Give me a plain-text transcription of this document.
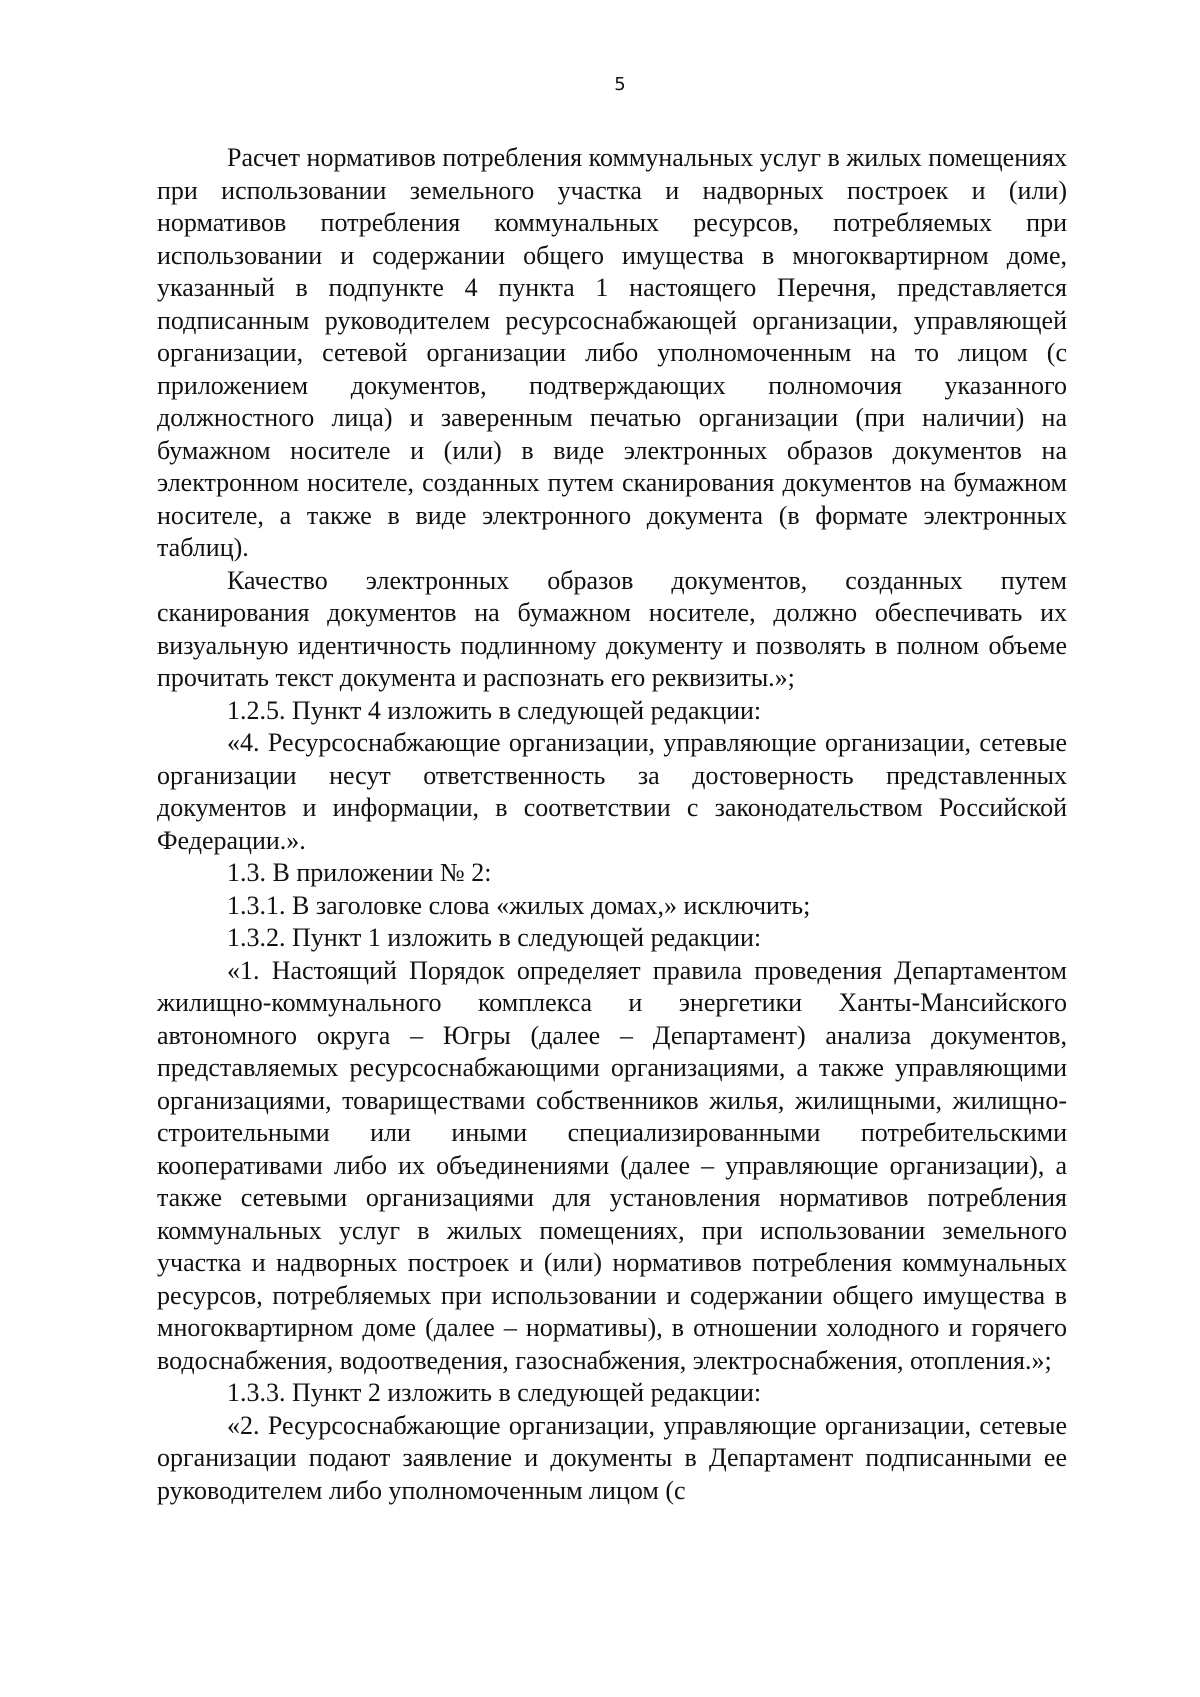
5

Расчет нормативов потребления коммунальных услуг в жилых помещениях при использовании земельного участка и надворных построек и (или) нормативов потребления коммунальных ресурсов, потребляемых при использовании и содержании общего имущества в многоквартирном доме, указанный в подпункте 4 пункта 1 настоящего Перечня, представляется подписанным руководителем ресурсоснабжающей организации, управляющей организации, сетевой организации либо уполномоченным на то лицом (с приложением документов, подтверждающих полномочия указанного должностного лица) и заверенным печатью организации (при наличии) на бумажном носителе и (или) в виде электронных образов документов на электронном носителе, созданных путем сканирования документов на бумажном носителе, а также в виде электронного документа (в формате электронных таблиц).

Качество электронных образов документов, созданных путем сканирования документов на бумажном носителе, должно обеспечивать их визуальную идентичность подлинному документу и позволять в полном объеме прочитать текст документа и распознать его реквизиты.»;

1.2.5. Пункт 4 изложить в следующей редакции:

«4. Ресурсоснабжающие организации, управляющие организации, сетевые организации несут ответственность за достоверность представленных документов и информации, в соответствии с законодательством Российской Федерации.».

1.3. В приложении № 2:

1.3.1. В заголовке слова «жилых домах,» исключить;

1.3.2. Пункт 1 изложить в следующей редакции:

«1. Настоящий Порядок определяет правила проведения Департаментом жилищно-коммунального комплекса и энергетики Ханты-Мансийского автономного округа – Югры (далее – Департамент) анализа документов, представляемых ресурсоснабжающими организациями, а также управляющими организациями, товариществами собственников жилья, жилищными, жилищно-строительными или иными специализированными потребительскими кооперативами либо их объединениями (далее – управляющие организации), а также сетевыми организациями для установления нормативов потребления коммунальных услуг в жилых помещениях, при использовании земельного участка и надворных построек и (или) нормативов потребления коммунальных ресурсов, потребляемых при использовании и содержании общего имущества в многоквартирном доме (далее – нормативы), в отношении холодного и горячего водоснабжения, водоотведения, газоснабжения, электроснабжения, отопления.»;

1.3.3. Пункт 2 изложить в следующей редакции:

«2. Ресурсоснабжающие организации, управляющие организации, сетевые организации подают заявление и документы в Департамент подписанными ее руководителем либо уполномоченным лицом (с
